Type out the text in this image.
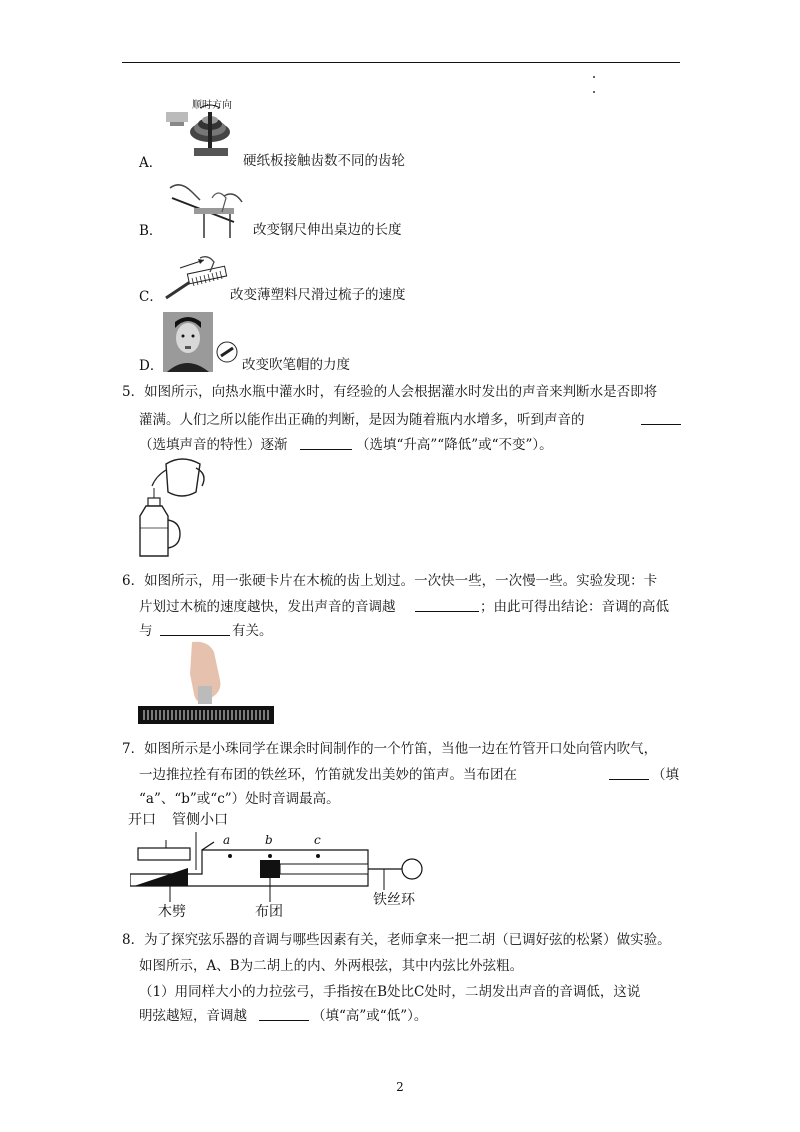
顺时方向
A．	硬纸板接触齿数不同的齿轮
B．	改变钢尺伸出桌边的长度
C．	改变薄塑料尺滑过梳子的速度
D．	改变吹笔帽的力度
5．如图所示，向热水瓶中灌水时，有经验的人会根据灌水时发出的声音来判断水是否即将
灌满。人们之所以能作出正确的判断，是因为随着瓶内水增多，听到声音的
（选填声音的特性）逐渐	（选填“升高”“降低”或“不变”）。
6．如图所示，用一张硬卡片在木梳的齿上划过。一次快一些，一次慢一些。实验发现：卡
片划过木梳的速度越快，发出声音的音调越	；由此可得出结论：音调的高低
与	有关。
7．如图所示是小珠同学在课余时间制作的一个竹笛，当他一边在竹管开口处向管内吹气，
一边推拉拴有布团的铁丝环，竹笛就发出美妙的笛声。当布团在	（填
“a”、“b”或“c”）处时音调最高。
开口 管侧小口
a	b	c
木劈	布团
铁丝环
8．为了探究弦乐器的音调与哪些因素有关，老师拿来一把二胡（已调好弦的松紧）做实验。
如图所示，A、B为二胡上的内、外两根弦，其中内弦比外弦粗。
（1）用同样大小的力拉弦弓，手指按在B处比C处时，二胡发出声音的音调低，这说
明弦越短，音调越	（填“高”或“低”）。
2
